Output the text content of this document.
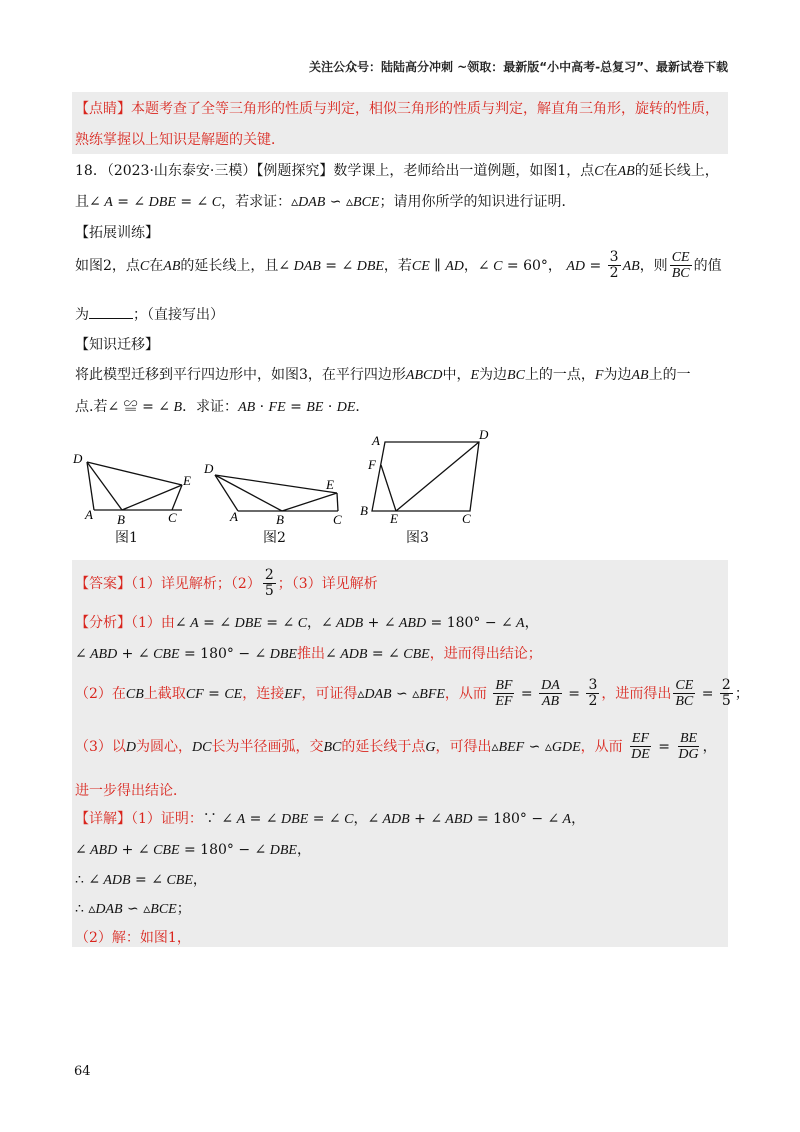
关注公众号：陆陆高分冲刺 ~领取：最新版“小中高考-总复习”、最新试卷下载
【点睛】本题考查了全等三角形的性质与判定，相似三角形的性质与判定，解直角三角形，旋转的性质，
熟练掌握以上知识是解题的关键．
18．（2023·山东泰安·三模）【例题探究】数学课上，老师给出一道例题，如图1，点C在AB的延长线上，
且∠ A = ∠ DBE = ∠ C，若求证：▵DAB ∽ ▵BCE；请用你所学的知识进行证明．
【拓展训练】
如图2，点C在AB的延长线上，且∠ DAB = ∠ DBE，若CE ∥ AD，∠ C = 60°， AD = $\frac{3}{2}$ AB，则 $\frac{CE}{BC}$ 的值
为	；（直接写出）
【知识迁移】
将此模型迁移到平行四边形中，如图3，在平行四边形ABCD中，E为边BC上的一点，F为边AB上的一
点.若∠ ≌ = ∠ B．求证：AB · FE = BE · DE．
D
A B	C
E
D
A	B	C
E
A	D
F
B
E	C
图1	图2	图3
【答案】（1）详见解析；$(2) \frac{2}{5}$ ；（3）详见解析
【分析】（1）由∠ A = ∠ DBE = ∠ C，∠ ADB + ∠ ABD = 180° − ∠ A，
∠ ABD + ∠ CBE = 180° − ∠ DBE推出∠ ADB = ∠ CBE，进而得出结论；
（2）在CB上截取CF = CE，连接EF，可证得▵DAB ∽ ▵BFE，从而 $\frac{BF}{EF} = \frac{DA}{AB} = \frac{3}{2}$ ，进而得出 $\frac{CE}{BC} = \frac{2}{5}$ ；
（3）以D为圆心，DC长为半径画弧，交BC的延长线于点G，可得出▵BEF ∽ ▵GDE，从而 $\frac{EF}{DE} = \frac{BE}{DG}$ ，
进一步得出结论．
【详解】（1）证明：∵ ∠ A = ∠ DBE = ∠ C，∠ ADB + ∠ ABD = 180° − ∠ A，
∠ ABD + ∠ CBE = 180° − ∠ DBE，
∴ ∠ ADB = ∠ CBE，
∴ ▵DAB ∽ ▵BCE；
（2）解：如图1，
64
